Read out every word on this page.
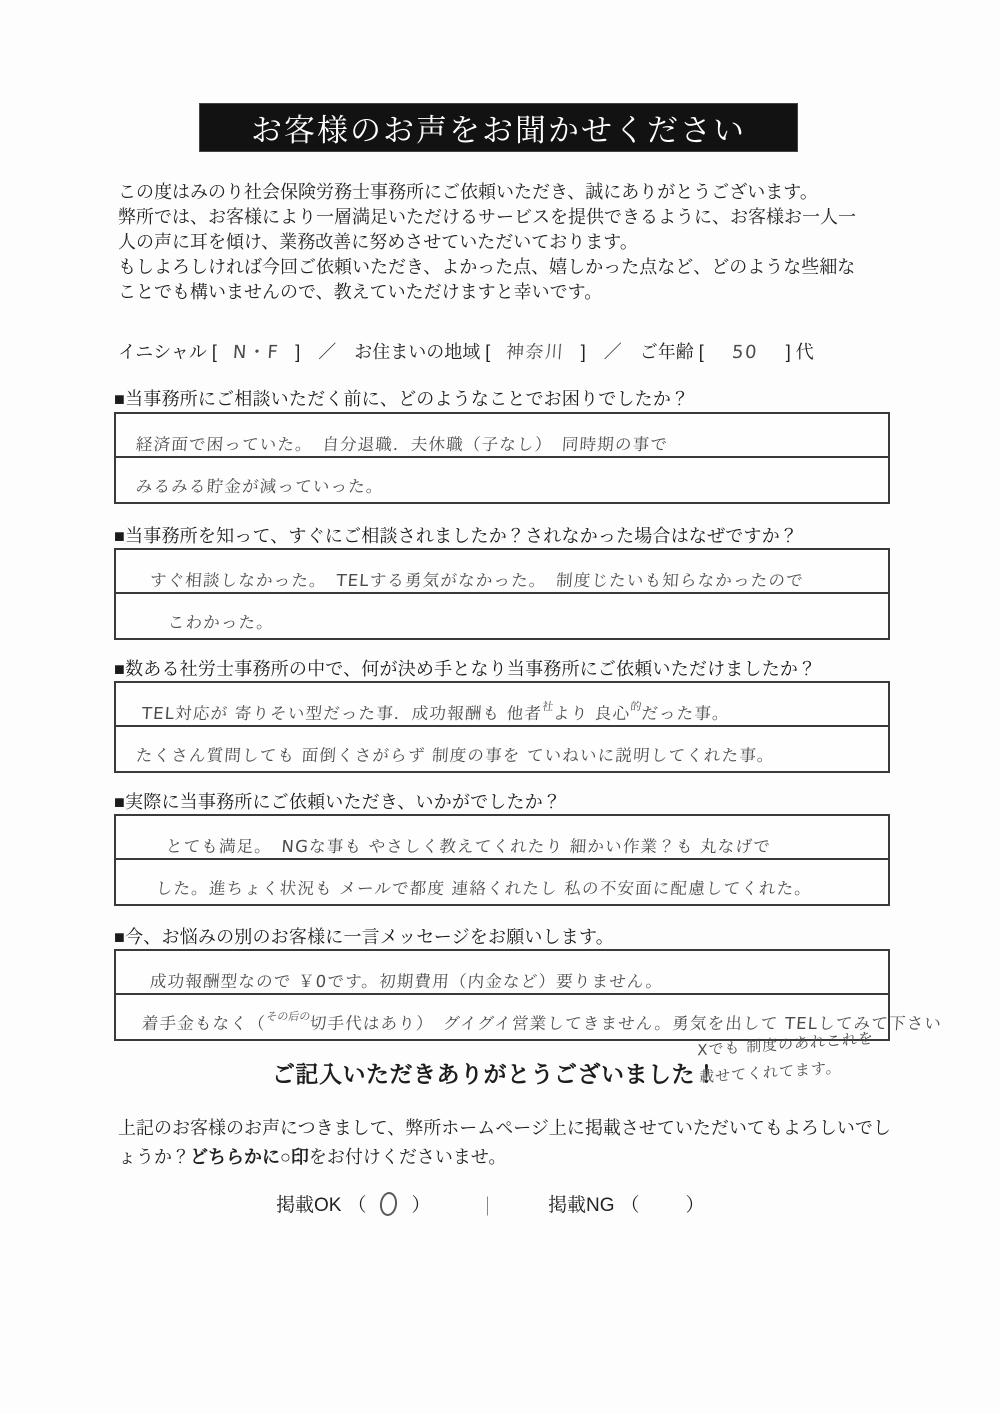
お客様のお声をお聞かせください
この度はみのり社会保険労務士事務所にご依頼いただき、誠にありがとうございます。
弊所では、お客様により一層満足いただけるサービスを提供できるように、お客様お一人一
人の声に耳を傾け、業務改善に努めさせていただいております。
もしよろしければ今回ご依頼いただき、よかった点、嬉しかった点など、どのような些細な
ことでも構いませんので、教えていただけますと幸いです。
イニシャル [ N・F ]　／　お住まいの地域 [ 神奈川 ]　／　ご年齢 [	50	] 代
■当事務所にご相談いただく前に、どのようなことでお困りでしたか？
経済面で困っていた。　自分退職．夫休職（子なし）　同時期の事で
みるみる貯金が減っていった。
■当事務所を知って、すぐにご相談されましたか？されなかった場合はなぜですか？
すぐ相談しなかった。　TELする勇気がなかった。　制度じたいも知らなかったので
こわかった。
■数ある社労士事務所の中で、何が決め手となり当事務所にご依頼いただけましたか？
TEL対応が 寄りそい型だった事．成功報酬も 他者社より 良心的だった事。
たくさん質問しても 面倒くさがらず 制度の事を ていねいに説明してくれた事。
■実際に当事務所にご依頼いただき、いかがでしたか？
とても満足。　NGな事も やさしく教えてくれたり 細かい作業？も 丸なげで
した。進ちょく状況も メールで都度 連絡くれたし 私の不安面に配慮してくれた。
■今、お悩みの別のお客様に一言メッセージをお願いします。
成功報酬型なので ￥0です。初期費用（内金など）要りません。
着手金もなく（その后の切手代はあり）　グイグイ営業してきません。勇気を出して TELしてみて下さい
ご記入いただきありがとうございました！
Xでも 制度のあれこれを 載せてくれてます。
上記のお客様のお声につきまして、弊所ホームページ上に掲載させていただいてもよろしいでしょうか？どちらかに○印をお付けくださいませ。
掲載OK （	）	｜	掲載NG （	）
